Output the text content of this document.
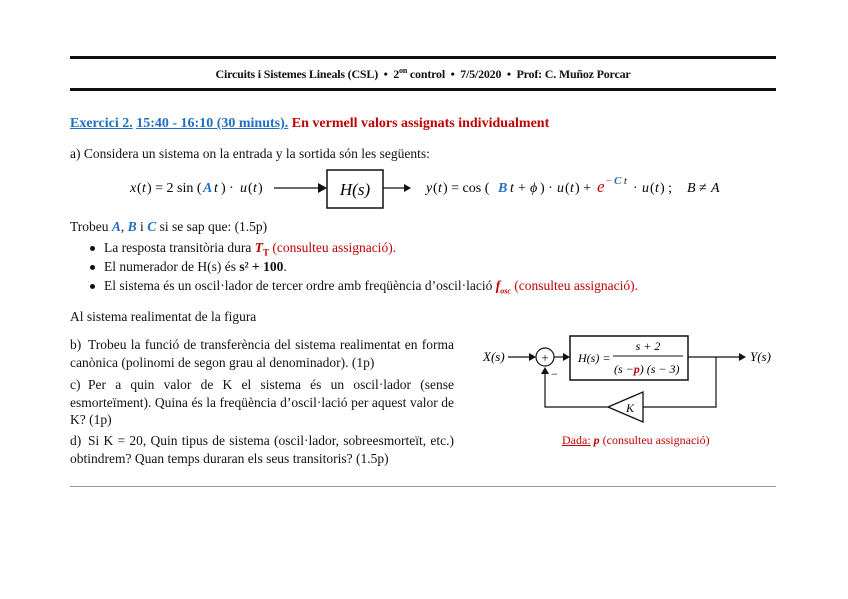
Circuits i Sistemes Lineals (CSL) • $2^{on}$ control • 7/5/2020 • Prof: C. Muñoz Porcar
Exercici 2. 15:40 - 16:10 (30 minuts). En vermell valors assignats individualment
a) Considera un sistema on la entrada y la sortida són les següents:
x ( t ) = 2 sin ( A t ) · u ( t )	H(s)	y ( t ) = cos ( B t + ϕ ) · u ( t ) + e − C t · u ( t ) ; B ≠ A
Trobeu A, B i C si se sap que: (1.5p)
La resposta transitòria dura $T_T$ (consulteu assignació).
El numerador de H(s) és s² + 100.
El sistema és un oscil·lador de tercer ordre amb freqüència d’oscil·lació $f_{osc}$ (consulteu assignació).
Al sistema realimentat de la figura
b) Trobeu la funció de transferència del sistema realimentat en forma canònica (polinomi de segon grau al denominador). (1p)
c) Per a quin valor de K el sistema és un oscil·lador (sense esmorteïment). Quina és la freqüència d’oscil·lació per aquest valor de K? (1p)
d) Si K = 20, Quin tipus de sistema (oscil·lador, sobreesmorteït, etc.) obtindrem? Quan temps duraran els seus transitoris? (1.5p)
X(s)	+
−
H(s) =
s + 2
(s −p) (s − 3)
Y(s)
K
Dada: p (consulteu assignació)
